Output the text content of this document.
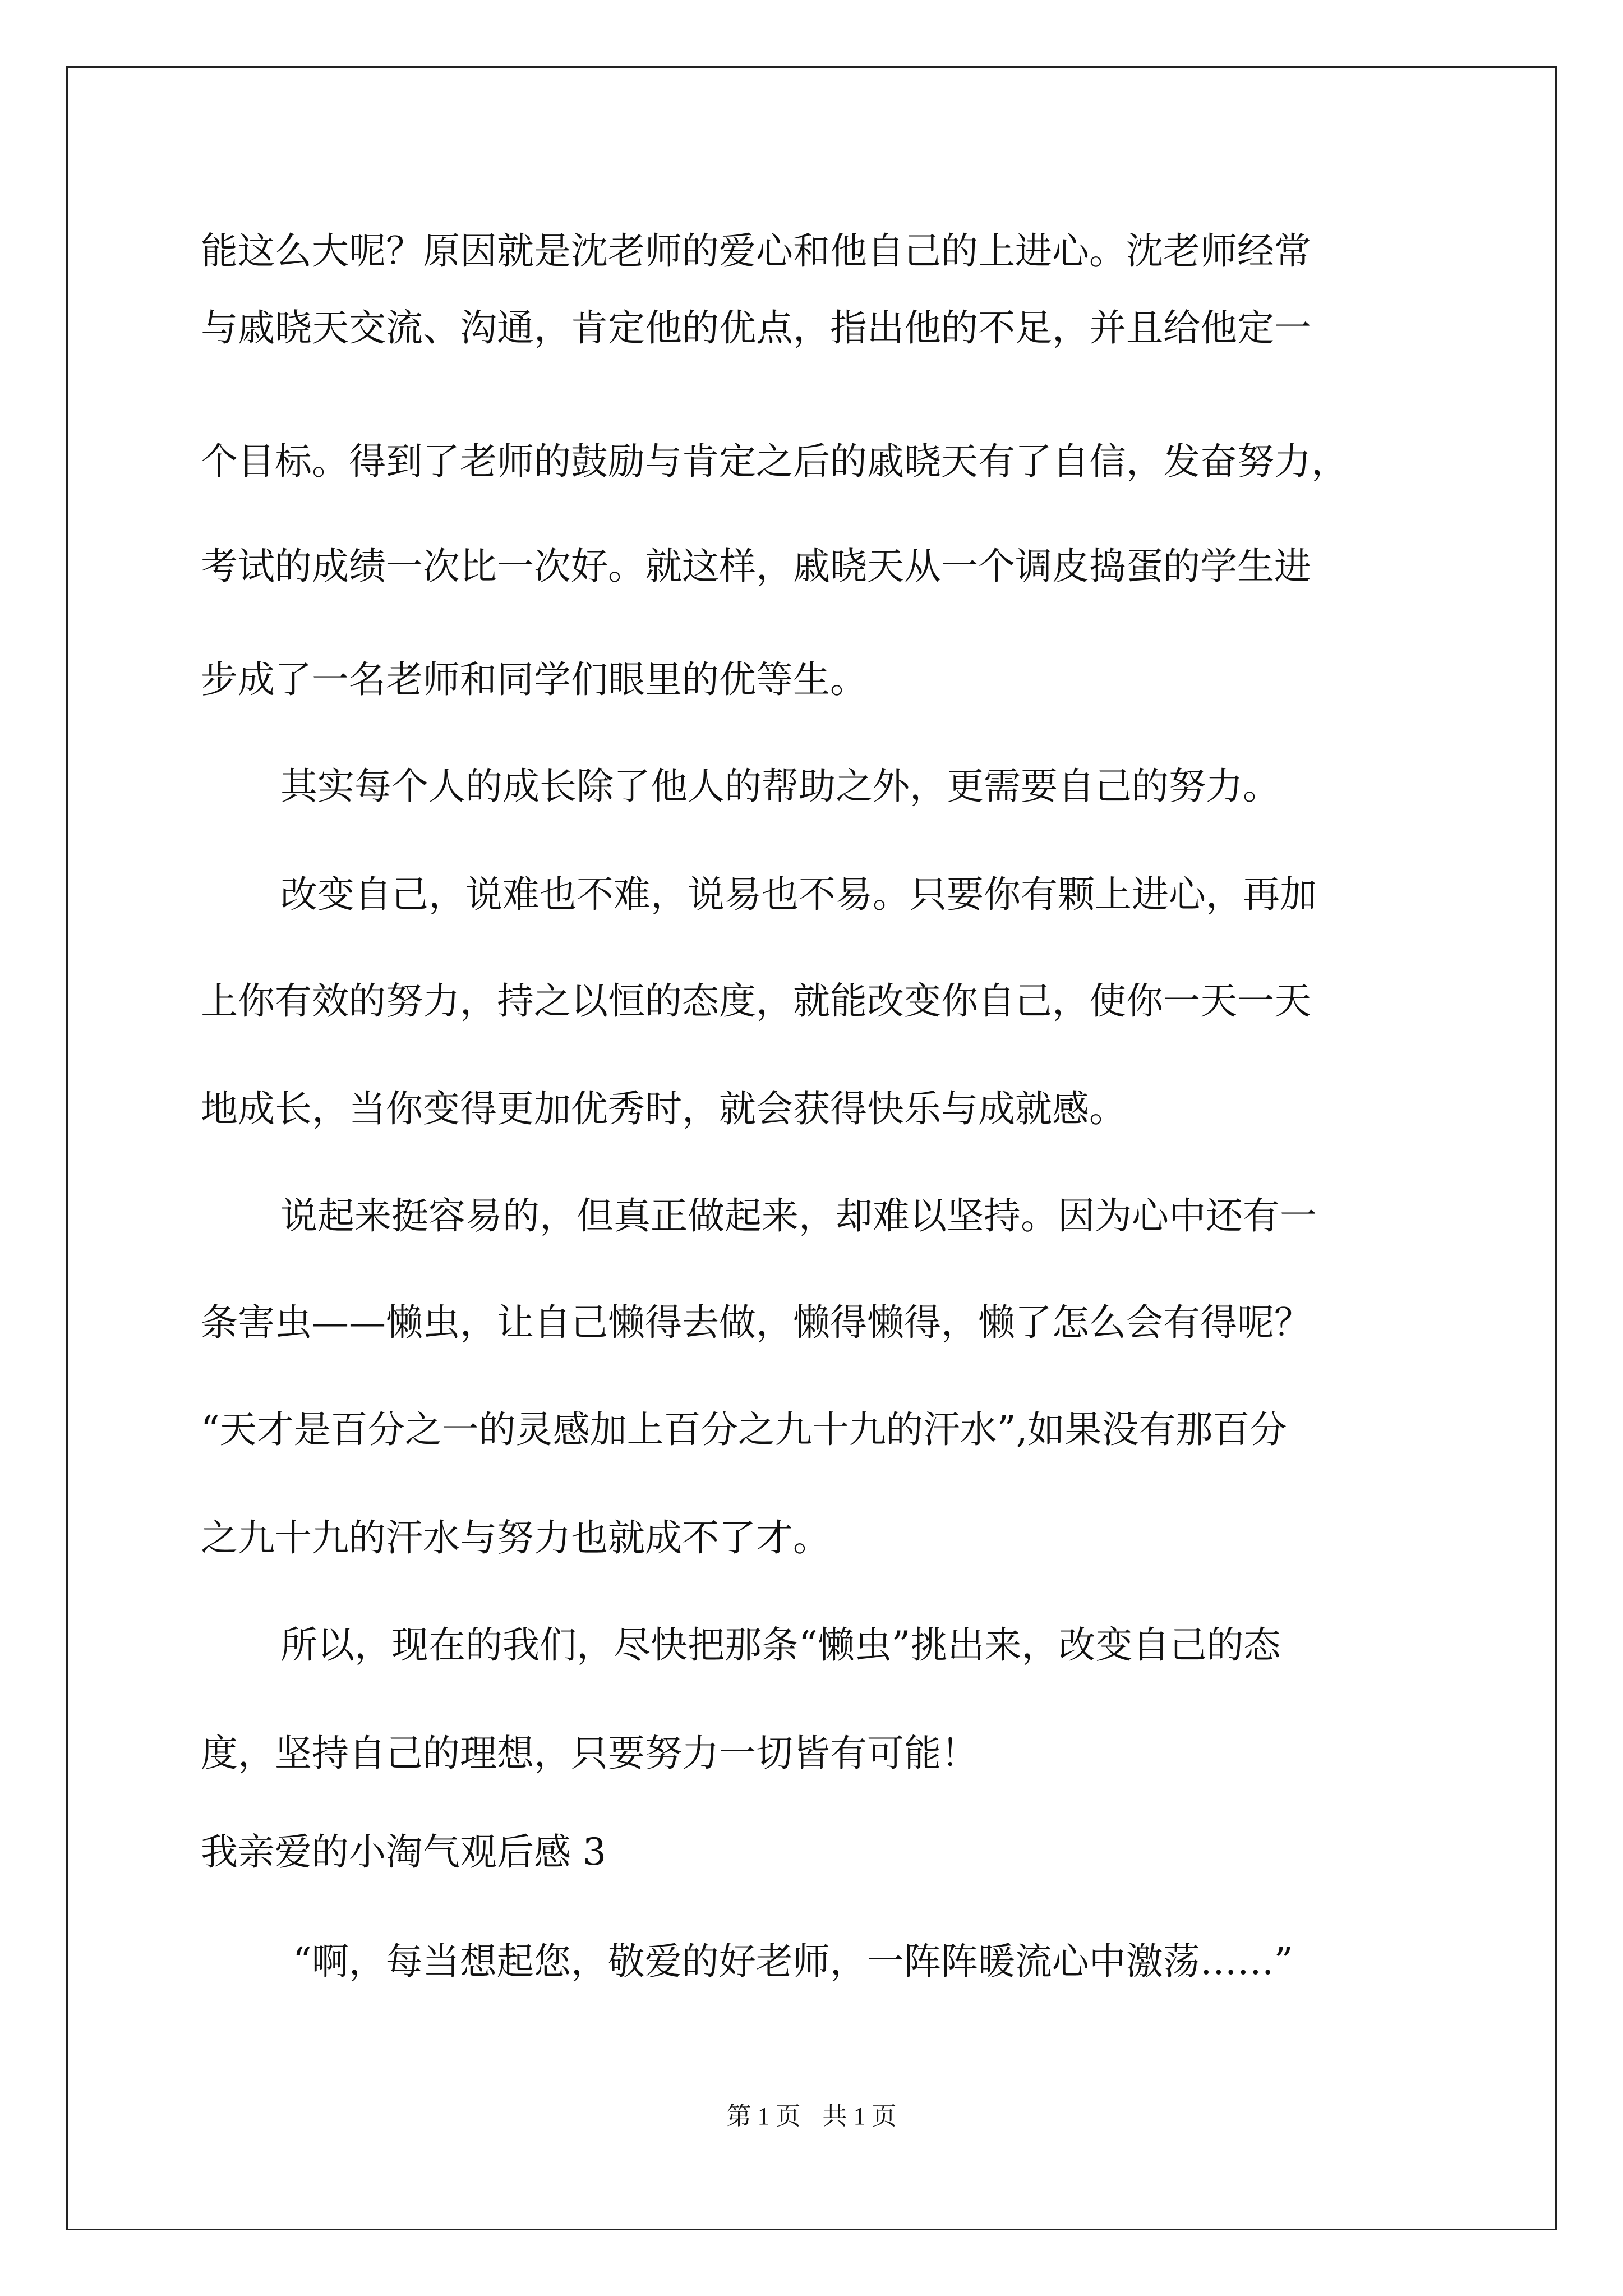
能这么大呢？原因就是沈老师的爱心和他自己的上进心。沈老师经常
与戚晓天交流、沟通，肯定他的优点，指出他的不足，并且给他定一
个目标。得到了老师的鼓励与肯定之后的戚晓天有了自信，发奋努力，
考试的成绩一次比一次好。就这样，戚晓天从一个调皮捣蛋的学生进
步成了一名老师和同学们眼里的优等生。
其实每个人的成长除了他人的帮助之外，更需要自己的努力。
改变自己，说难也不难，说易也不易。只要你有颗上进心，再加
上你有效的努力，持之以恒的态度，就能改变你自己，使你一天一天
地成长，当你变得更加优秀时，就会获得快乐与成就感。
说起来挺容易的，但真正做起来，却难以坚持。因为心中还有一
条害虫——懒虫，让自己懒得去做，懒得懒得，懒了怎么会有得呢？
“天才是百分之一的灵感加上百分之九十九的汗水”,如果没有那百分
之九十九的汗水与努力也就成不了才。
所以，现在的我们，尽快把那条“懒虫”挑出来，改变自己的态
度，坚持自己的理想，只要努力一切皆有可能！
我亲爱的小淘气观后感 3
“啊，每当想起您，敬爱的好老师，一阵阵暖流心中激荡……”
第 1 页 共 1 页
